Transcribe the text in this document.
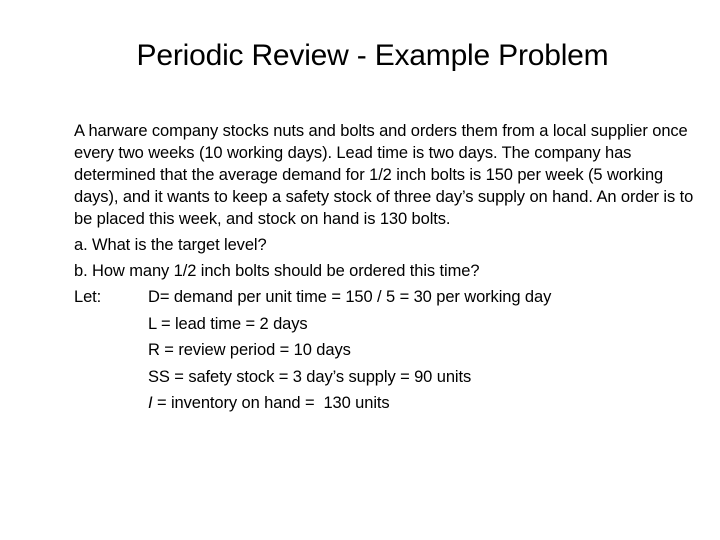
Periodic Review - Example Problem

A harware company stocks nuts and bolts and orders them from a local supplier once every two weeks (10 working days). Lead time is two days. The company has determined that the average demand for 1/2 inch bolts is 150 per week (5 working days), and it wants to keep a safety stock of three day’s supply on hand. An order is to be placed this week, and stock on hand is 130 bolts.

a. What is the target level?

b. How many 1/2 inch bolts should be ordered this time?

Let:	D= demand per unit time = 150 / 5 = 30 per working day
L = lead time = 2 days
R = review period = 10 days
SS = safety stock = 3 day’s supply = 90 units
I = inventory on hand =  130 units
